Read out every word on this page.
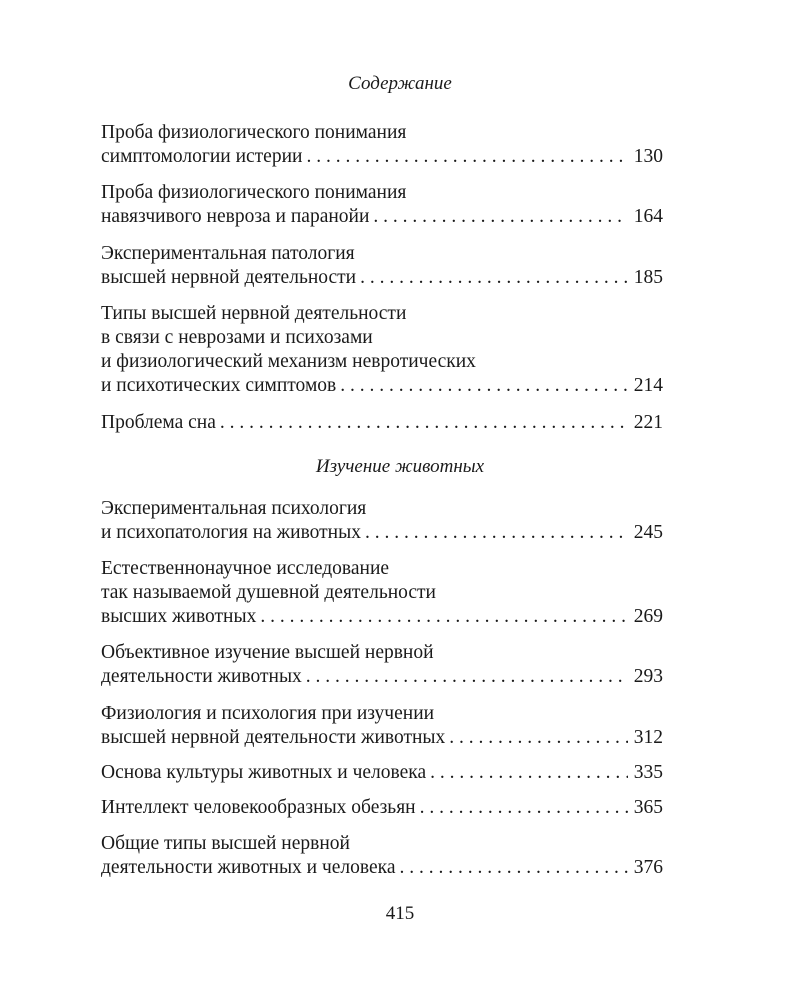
Содержание
Проба физиологического понимания
симптомологии истерии . . .	130
Проба физиологического понимания
навязчивого невроза и паранойи . . .	164
Экспериментальная патология
высшей нервной деятельности . . .	185
Типы высшей нервной деятельности
в связи с неврозами и психозами
и физиологический механизм невротических
и психотических симптомов . . .	214
Проблема сна . . .	221
Изучение животных
Экспериментальная психология
и психопатология на животных . . .	245
Естественнонаучное исследование
так называемой душевной деятельности
высших животных . . .	269
Объективное изучение высшей нервной
деятельности животных . . .	293
Физиология и психология при изучении
высшей нервной деятельности животных . . .	312
Основа культуры животных и человека . . .	335
Интеллект человекообразных обезьян . . .	365
Общие типы высшей нервной
деятельности животных и человека . . .	376
415
